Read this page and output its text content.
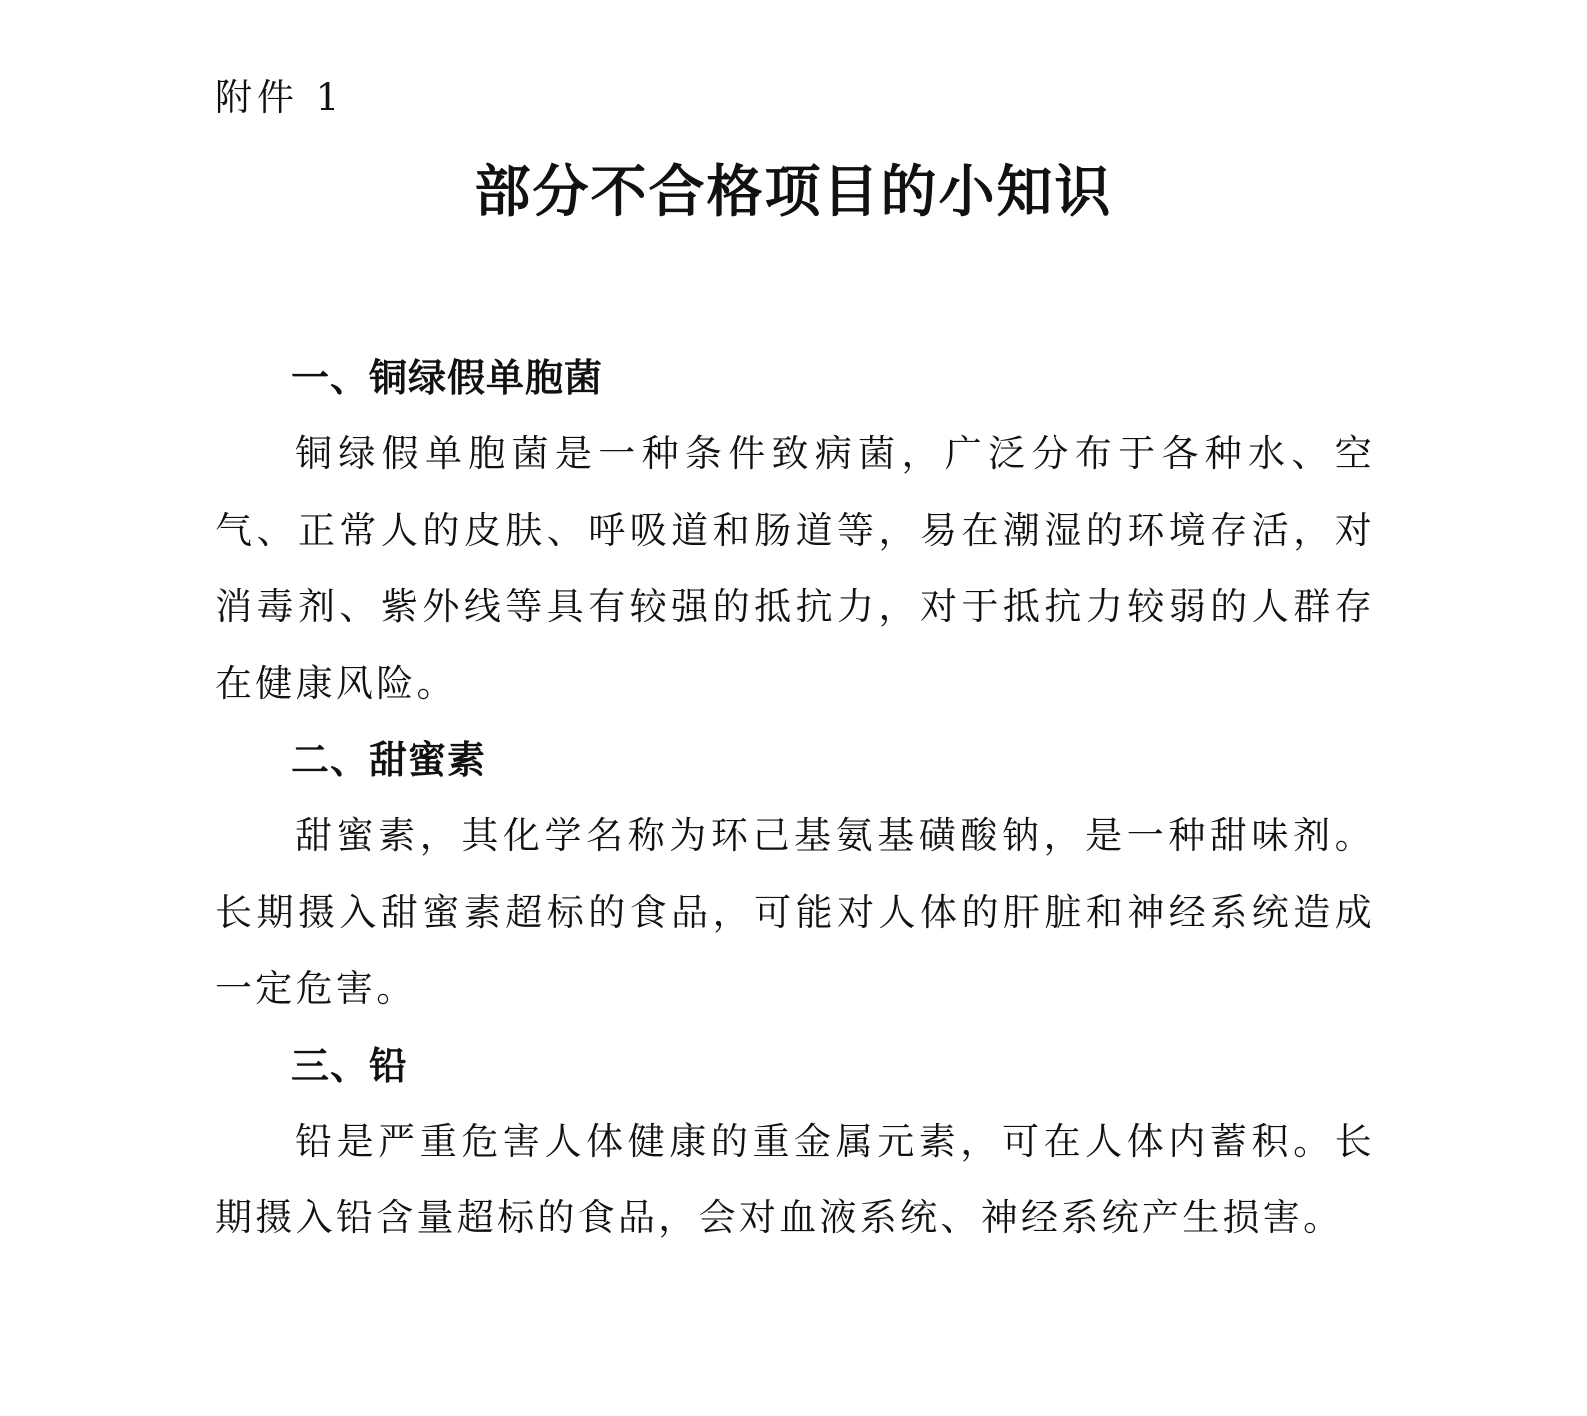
附件 1
部分不合格项目的小知识
一、铜绿假单胞菌

铜绿假单胞菌是一种条件致病菌，广泛分布于各种水、空气、正常人的皮肤、呼吸道和肠道等，易在潮湿的环境存活，对消毒剂、紫外线等具有较强的抵抗力，对于抵抗力较弱的人群存在健康风险。

二、甜蜜素

甜蜜素，其化学名称为环己基氨基磺酸钠，是一种甜味剂。长期摄入甜蜜素超标的食品，可能对人体的肝脏和神经系统造成一定危害。

三、铅

铅是严重危害人体健康的重金属元素，可在人体内蓄积。长期摄入铅含量超标的食品，会对血液系统、神经系统产生损害。
